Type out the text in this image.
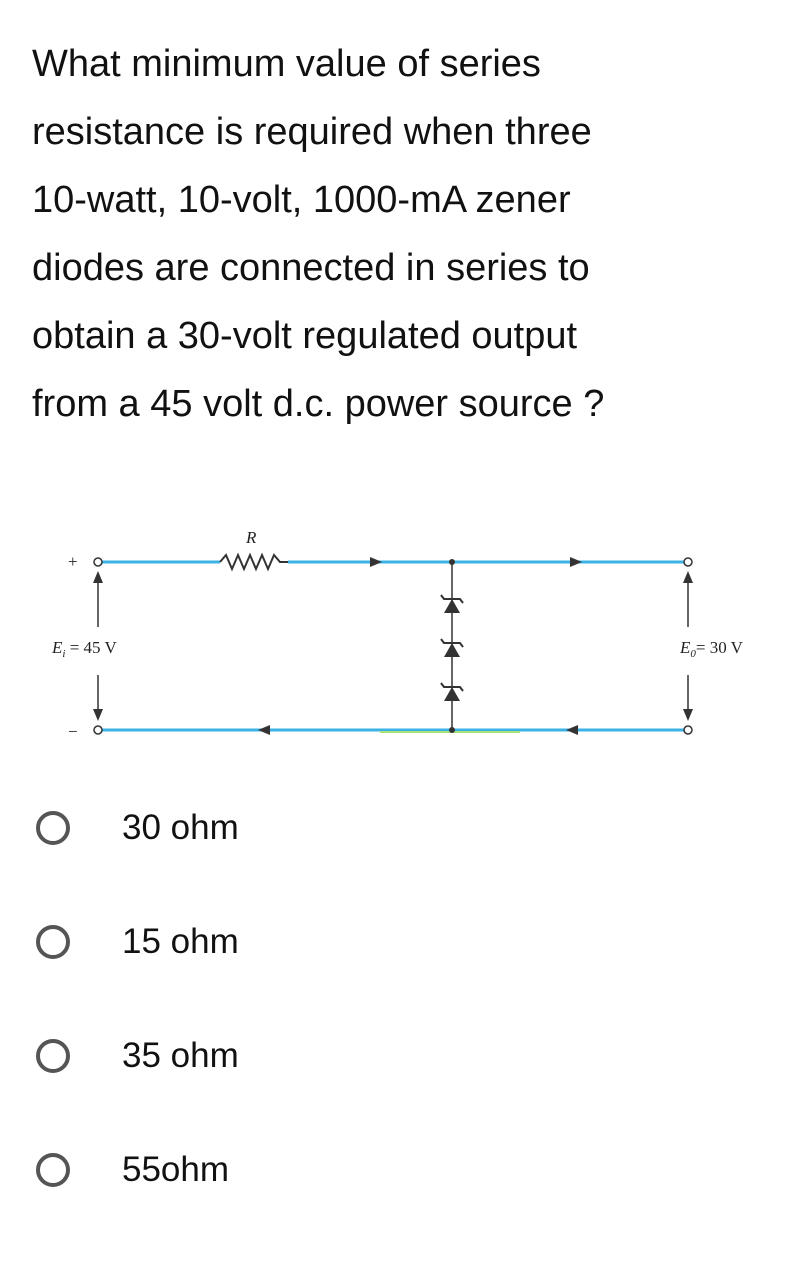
What minimum value of series
resistance is required when three
10-watt, 10-volt, 1000-mA zener
diodes are connected in series to
obtain a 30-volt regulated output
from a 45 volt d.c. power source ?
R
+
−
$E_i = 45$ V	$E_0= 30$ V
30 ohm
15 ohm
35 ohm
55ohm
